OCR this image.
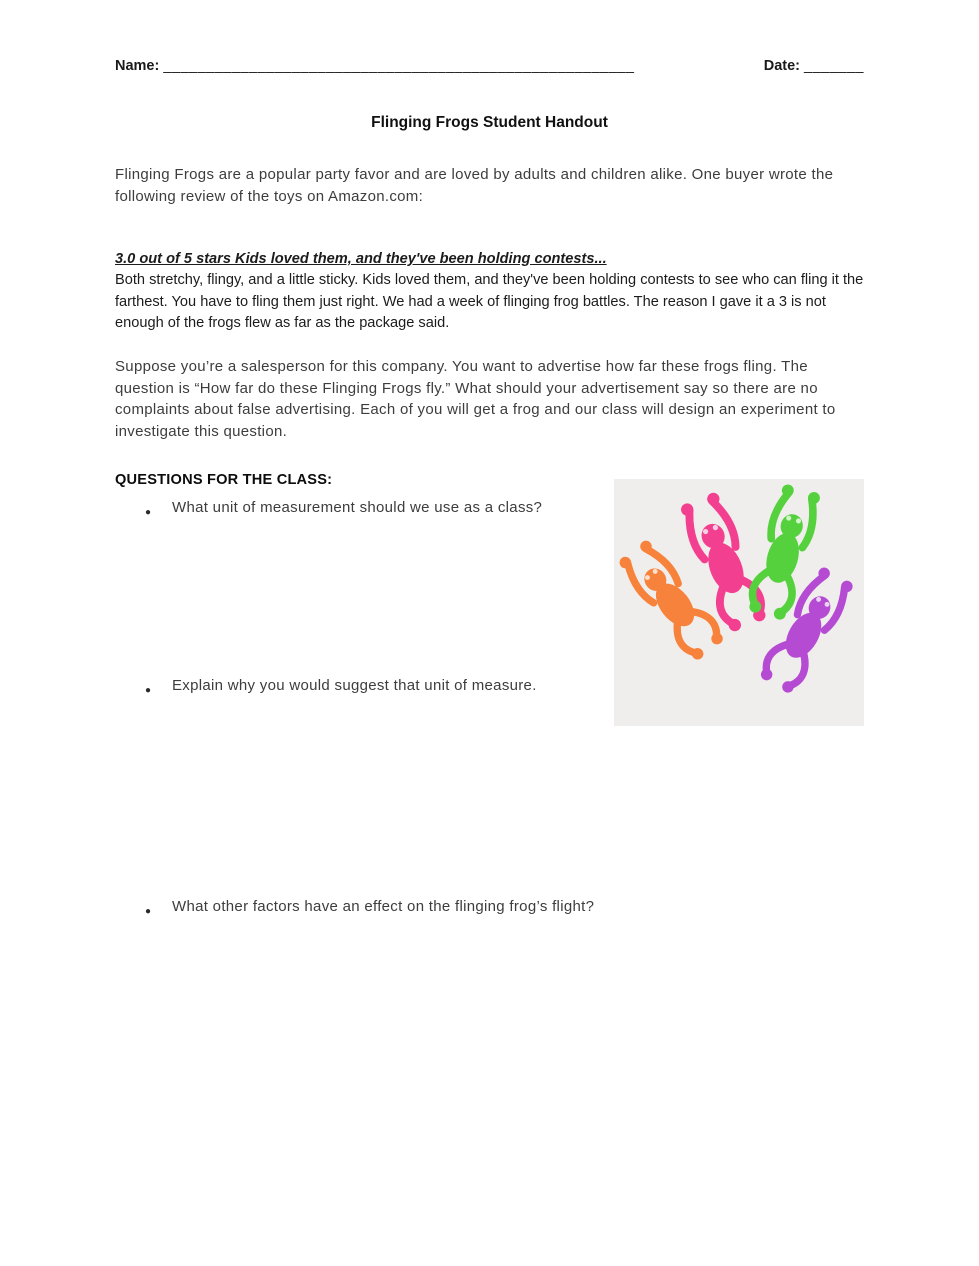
Name: _______________________________________________________	Date: _______
Flinging Frogs Student Handout

Flinging Frogs are a popular party favor and are loved by adults and children alike. One buyer wrote the following review of the toys on Amazon.com:

3.0 out of 5 stars Kids loved them, and they've been holding contests...
Both stretchy, flingy, and a little sticky. Kids loved them, and they've been holding contests to see who can fling it the farthest. You have to fling them just right. We had a week of flinging frog battles. The reason I gave it a 3 is not enough of the frogs flew as far as the package said.

Suppose you’re a salesperson for this company. You want to advertise how far these frogs fling. The question is “How far do these Flinging Frogs fly.” What should your advertisement say so there are no complaints about false advertising. Each of you will get a frog and our class will design an experiment to investigate this question.

QUESTIONS FOR THE CLASS:
●	What unit of measurement should we use as a class?
●	Explain why you would suggest that unit of measure.
●	What other factors have an effect on the flinging frog’s flight?
